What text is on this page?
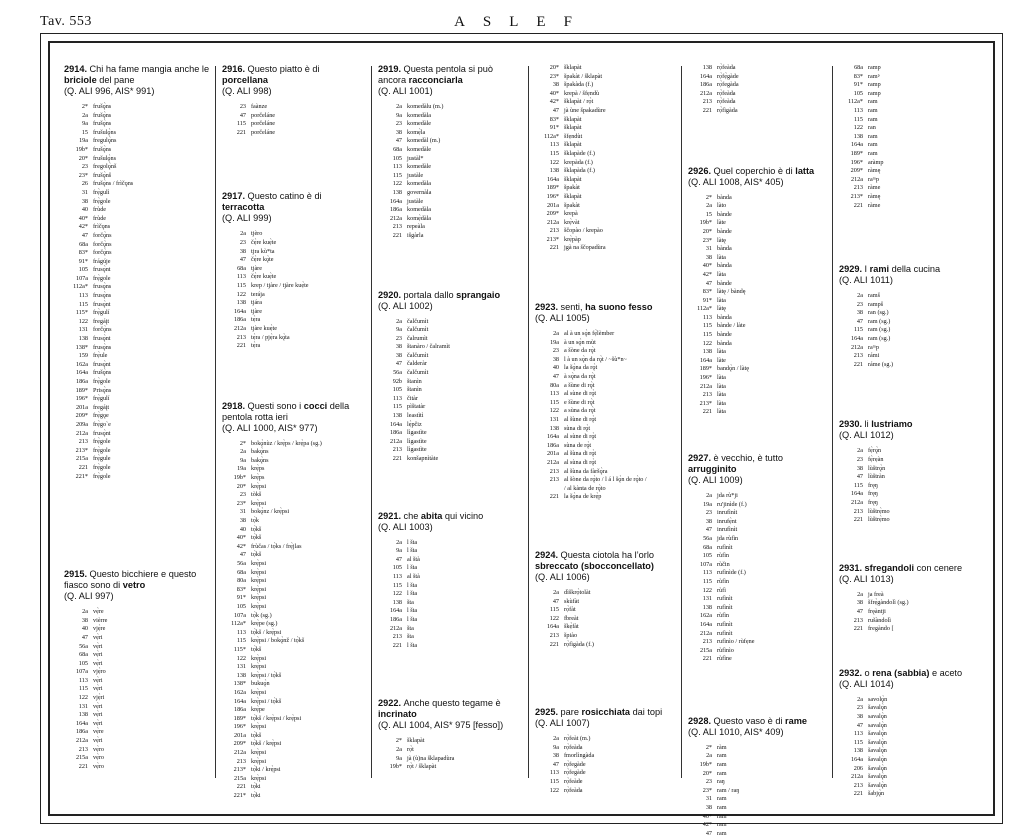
Tav. 553	ASLEF
2914. Chi ha fame mangia anche le briciole del pane
(Q. ALI 996, AIS* 991)
2* frušǫ̀ns
2a frušǫ̀ns
9a frušǫ̀ns
15 frušulǫ̀ns
19a fregulǫ̀ns
19b* frušǫ̀ns
20* frušulǫ̀ns
23 fregolǫ̀nš
23* frušǫ̀nš
26 frušǫ̀ns / frìčǫns
31 frẹ̀gulì
38 frẹ̀gole
40 frùde
40* frùde
42* frìčǫns
47 forčǫ̀ns
68a forčǫ̀ns
83* forčǫ̀ns
91* frágúje
105 frusǫ̀nt
107a frẹ̀gole
112a* frusǫ̀ns
113 frusǫ̀ns
115 frusǫ̀nt
115* frẹ̀gulí
122 fregáįt
131 forčǫ̀ns
138 frusǫ̀nt
138* frusǫ̀ns
159 frẹ̀ule
162a frusǫ̀nt
164a frušǫ̀ns
186a frẹ̀gole
189* Prisǫ̀ns
196* frẹ̀gulí
201a fregáįt
209* frẹ̀gǫe
209a frẹ̀go`e
212a frusǫ̀nt
213 frẹ̀gole
213* frẹ̀gole
215a frẹ̀gule
221 frẹ̀gole
221* frẹ̀gole
2915. Questo bicchiere e questo fiasco sono di vetro
(Q. ALI 997)
2a vẹ̀re
38 vièrre
40 vjẹ̀re
47 vẹ̀ri
56a vẹ̀ri
68a vẹ̀ri
105 vẹ̀ri
107a vjẹ̀ro
113 vẹ̀ri
115 vẹ̀ri
122 vjẹ̀ri
131 vẹ̀ri
138 vẹ̀ri
164a vẹ̀ri
186a vẹ̀re
212a vẹ̀ri
213 vẹ̀ro
215a vẹ̀ro
221 vẹ̀ro
2916. Questo piatto è di porcellana
(Q. ALI 998)
23 faànze
47 porčeláne
115 porčeláne
221 porčeláne
2917. Questo catino è di terracotta
(Q. ALI 999)
2a tjèro
23 čẹ̀re kuẹ̀te
38 tjra kù*ta
47 čẹ̀re kǫ̀te
68a tjàre
113 čẹ̀re kuẹ̀te
115 krep / tjàre / tjàre kuẹ̀te
122 terája
138 tjára
164a tjàre
186a tẹ̀ra
212a tjàre kuẹ̀te
213 tẹ̀ra / pjẹ̀ra kǫ̀ta
221 tẹ̀ra
2918. Questi sono i cocci della pentola rotta ieri
(Q. ALI 1000, AIS* 977)
2* bokǫ̀nùz / krẹ̀ps / krẹ̀pa (sg.)
2a bakǫ̀ns
9a bakǫ̀ns
19a krẹ̀ps
19b* krẹ̀ps
20* krẹ̀psi
23 tòkš
23* krẹ̀psi
31 bokǫ̀nz / krẹ̀psi
38 tọ̀k
40 tọ̀kš
40* tọ̀kš
42* frùčas / tọ̀ks / frẹ̀jlas
47 tọ̀kš
56a krẹ̀psi
68a krẹ̀psi
80a krẹ̀psi
83* krẹ̀psi
91* krẹ̀psi
105 krẹ̀psi
107a tọ̀k (sg.)
112a* krẹ̀pe (sg.)
113 tọ̀kš / krẹ̀psi
115 krẹ̀psi / bokǫ̀nž / tọ̀kš
115* tọ̀kš
122 krẹ̀psi
131 krẹ̀psi
138 krẹ̀psi / tọ̀kš
138* bukuǫ̀n
162a krẹ̀psi
164a krẹ̀psi / tọ̀kš
186a krẹ̀pe
189* tọ̀kš / krẹ̀psi / krẹ̀psi
196* krẹ̀psi
201a tọ̀kš
209* tọ̀kš / krẹ̀psi
212a krẹ̀psi
213 krẹ̀psi
213* tọ̀ki / krẹ̀psi
215a krẹ̀psi
221 tọ̀ki
221* tọ̀ki
2919. Questa pentola si può ancora racconciarla
(Q. ALI 1001)
2a komedàlu (m.)
9a komedàla
23 komedàle
38 komẹ̀la
47 komedàl (m.)
68a komedàle
105 justàl*
113 komedàle
115 justàle
122 komedàla
138 governàla
164a justàle
186a komedàla
212a komẹ̀dàla
213 repeàla
221 išgàrla
2920. portala dallo sprangaio
(Q. ALI 1002)
2a čalčumìt
9a čalčumìt
23 čalrumìt
38 štanàro / čalramìt
38 čalčumìt
47 čalderàr
56a čalčumìt
92b štanìn
105 štanìn
113 čitàr
115 pìštatàr
138 leastìtì
164a lẹ̀pčiz
186a lìgastìte
212a lìgastìte
213 lìgastìte
221 konšapnìtàte
2921. che abita qui vicino
(Q. ALI 1003)
2a l šta
9a l šta
47 al štà
105 l šta
113 al štà
115 l šta
122 l šta
138 šta
164a l šta
186a l šta
212a šta
213 šta
221 l šta
2922. Anche questo tegame è incrinato
(Q. ALI 1004, AIS* 975 [fesso])
2* šklapàt
2a rọ̀t
9a jà (ù)na šklapadùra
19b* rọ̀t / šklapàt
20* šklapàt
23* špakàt / šklapàt
38 špakàda (f.)
40* krepà / šfẹndù
42* šklapàt / rọ̀t
47 jà ùne špakadùre
83* šklapàt
91* šklapàt
112a* šfẹndùt
113 šklapàt
115 šklapàde (f.)
122 krepàda (f.)
138 šklapàda (f.)
164a šklapàt
189* špakàt
196* šklapàt
201a špakàt
209* krepà
212a krẹ̀vàt
213 ščopào / krepào
213* krẹ̀pàp
221 jgà na ščopadùra
2923. senti, ha suono fesso
(Q. ALI 1005)
2a al à un sǫ̀n fẹ̀lèmber
19a à un sǫ̀n mùt
23 a šòne da rǫ̀t
38 l à un sǫ̀n da rǫ̀t / ~šù*n~
40 la šǫ̀na da rǫ̀t
47 à sǫ̀na da rǫ̀t
80a a šùne di rǫ̀t
113 al sùne di rǫ̀t
115 e šùne di rǫ̀t
122 a sùna da rǫ̀t
131 al šùne di rǫ̀t
138 sùna di rǫ̀t
164a al sùne di rǫ̀t
186a sùna de rǫ̀t
201a al šùna di rǫ̀t
212a al sùna di rǫ̀t
213 al šùna da fàršǫ̀ra
213 al šòne da rǫ̀to / l á l šǫ̀n de rǫ̀to /
/ al kànta de rǫ̀to
221 la šǫ̀na de krẹ̀p
2924. Questa ciotola ha l’orlo sbreccato (sbocconcellato)
(Q. ALI 1006)
2a dìškrọ̀tolàt
47 skùfàt
115 rọ̀fàt
122 fbreàt
164a škẹ̀fàt
213 špiào
221 rọ̀fìgàda (f.)
2925. pare rosicchiata dai topi
(Q. ALI 1007)
2a rọ̀feàt (m.)
9a rọ̀feàda
38 fmorlìngàda
47 rọ̀fegàde
113 rọ̀fegàde
115 rọ̀feàde
122 rọ̀feàda
138 rọ̀feàda
164a rọ̀fẹ̀gàde
186a rọ̀fegàda
212a rọ̀feàda
213 rọ̀feàda
221 rọ̀fìgàda
2926. Quel coperchio è di latta
(Q. ALI 1008, AIS* 405)
2* bànda
2a làto
15 bànde
19b* làte
20* bànde
23* làtę
31 bànda
38 làta
40* bànda
42* làta
47 bànde
83* làtę / bàndę
91* làta
112a* làtę
113 bànda
115 bànde / làte
115 bànde
122 bànda
138 làta
164a làte
189* bandǫ̀n / làtę
196* làta
212a làta
213 làta
213* làta
221 làta
2927. è vecchio, è tutto arrugginito
(Q. ALI 1009)
2a jda rù*ji
19a ru'jinìde (f.)
23 inrufìnìt
38 inrufẹ̀nt
47 inrufìnìt
56a jda rùfìn
68a rufìnìt
105 rùfìn
107a rùčin
113 rufìnìde (f.)
115 rùfìn
122 rùfì
131 rufìnìt
138 rufìnìt
162a rùfìn
164a rufìnìt
212a rufìnìt
213 rufìnìo / rùfẹne
215a rùfìnìo
221 rùfìne
2928. Questo vaso è di rame
(Q. ALI 1010, AIS* 409)
2* ràm
2a ram
19b* ram
20* ram
23 raŋ
23* ram / raŋ
31 ram
38 ram
40* ram
42* ram
47 ram
68a ramp
83* ramᵖ
91* ramp
105 ramp
112a* ram
113 ram
115 ram
122 ran
138 ram
164a ram
189* ram
196* aràmp
209* ràmę
212a raᵐp
213 ràme
213* ràmę
221 ràme
2929. I rami della cucina
(Q. ALI 1011)
2a ramš
23 rampš
38 ran (sg.)
47 ram (sg.)
115 ram (sg.)
164a ram (sg.)
212a raᵐp
213 rámi
221 ráme (sg.)
2930. li lustriamo
(Q. ALI 1012)
2a fẹ̀rǫ̀n
23 fẹ̀rẹàn
38 lùštrǫ̀n
47 lùštràn
115 fręŋ
164a fręŋ
212a fręŋ
213 lùštrẹ̀mo
221 lùštrẹ̀mo
2931. sfregandoli con cenere
(Q. ALI 1013)
2a ja freà
38 šfrẹ̀gàndolì (sg.)
47 fręàntji
213 rušàndolì
221 fregàndo [
2932. o rena (sabbia) e aceto
(Q. ALI 1014)
2a savolǫ̀n
23 šavalǫ̀n
38 savalǫ̀n
47 savalǫ̀n
113 šavalǫ̀n
115 šavalǫ̀n
138 šavalǫ̀n
164a šavalǫ̀n
206 šavalǫ̀n
212a šavalǫ̀n
213 šavalǫ̀n
221 šabjǫ̀n
